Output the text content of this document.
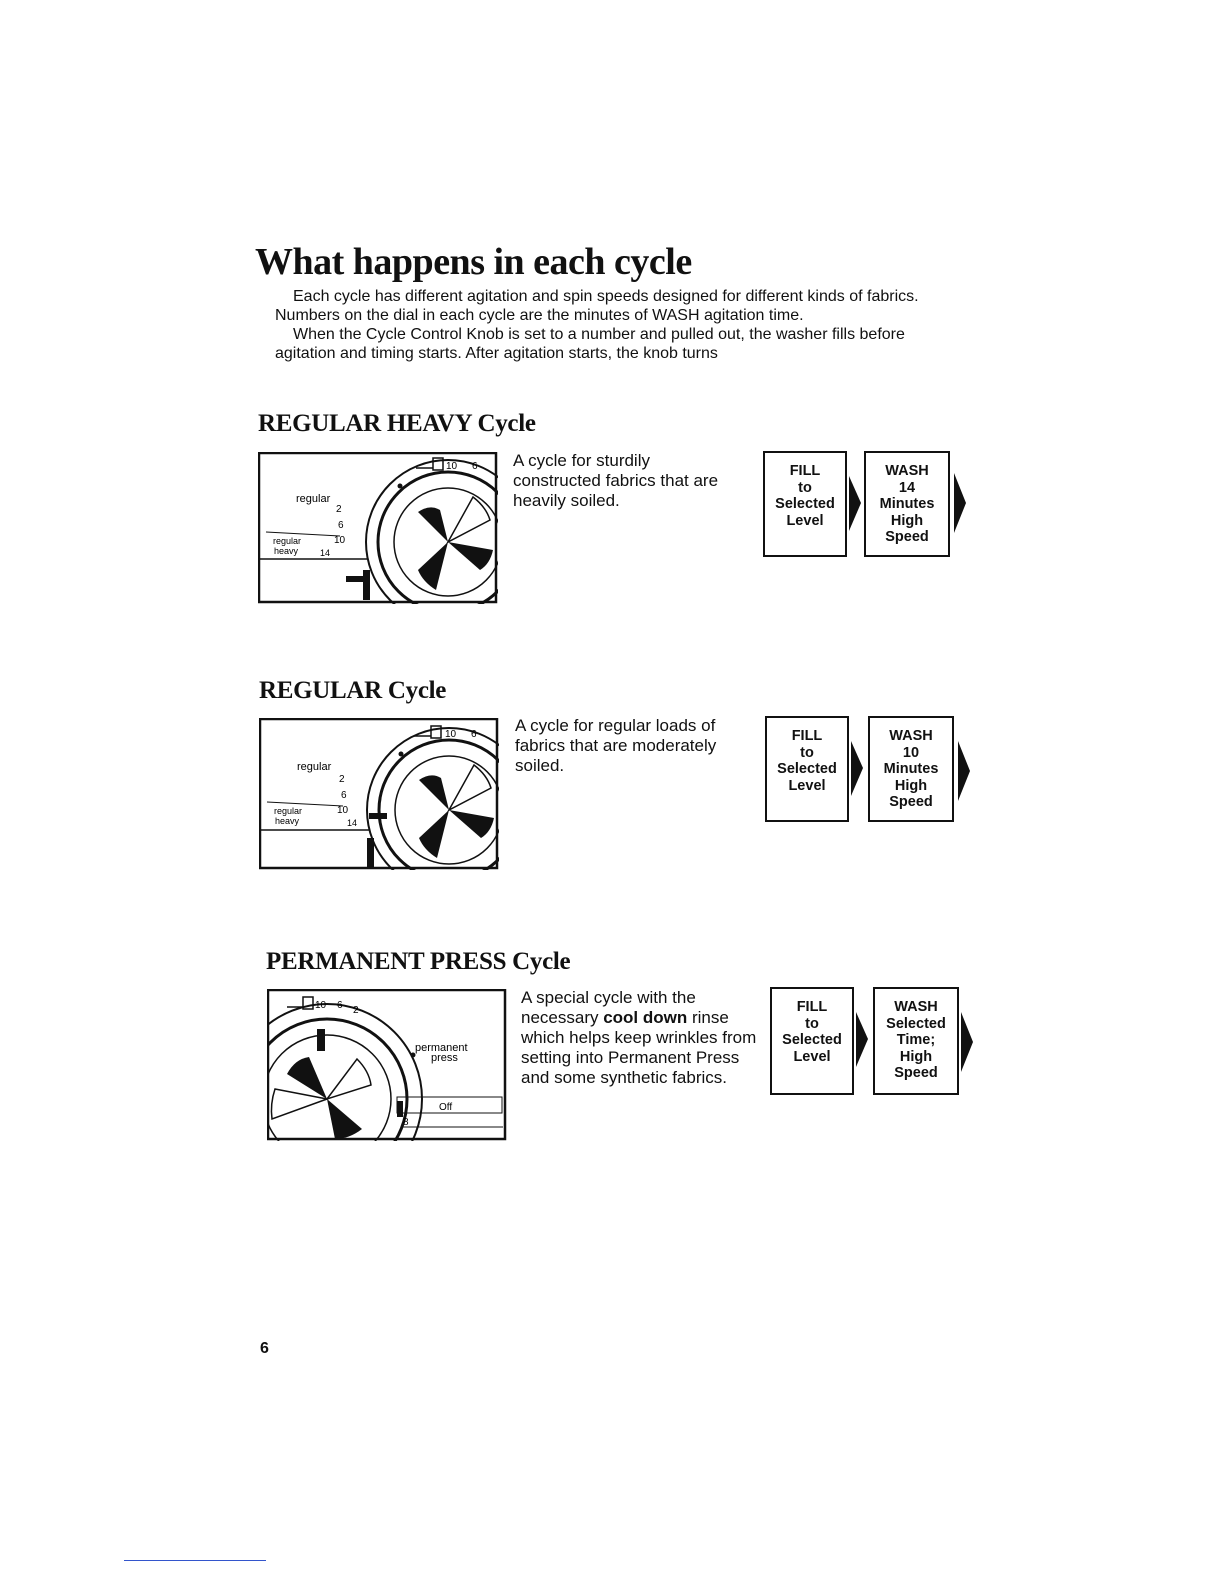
What happens in each cycle

Each cycle has different agitation and spin speeds designed for different kinds of fabrics. Numbers on the dial in each cycle are the minutes of WASH agitation time.

When the Cycle Control Knob is set to a number and pulled out, the washer fills before agitation and timing starts. After agitation starts, the knob turns

REGULAR HEAVY Cycle
regular
regular
heavy
2
6
10
14
10 6 A cycle for sturdily constructed fabrics that are heavily soiled.

FILL
to
Selected
Level
WASH
14
Minutes
High
Speed
REGULAR Cycle
regular
regular
heavy
2
6
10
14
10 6 A cycle for regular loads of fabrics that are moderately soiled.

FILL
to
Selected
Level
WASH
10
Minutes
High
Speed
PERMANENT PRESS Cycle
10 6 2
permanent
press
Off
8

A special cycle with the necessary cool down rinse which helps keep wrinkles from setting into Permanent Press and some synthetic fabrics.

FILL
to
Selected
Level
WASH
Selected
Time;
High
Speed
6
